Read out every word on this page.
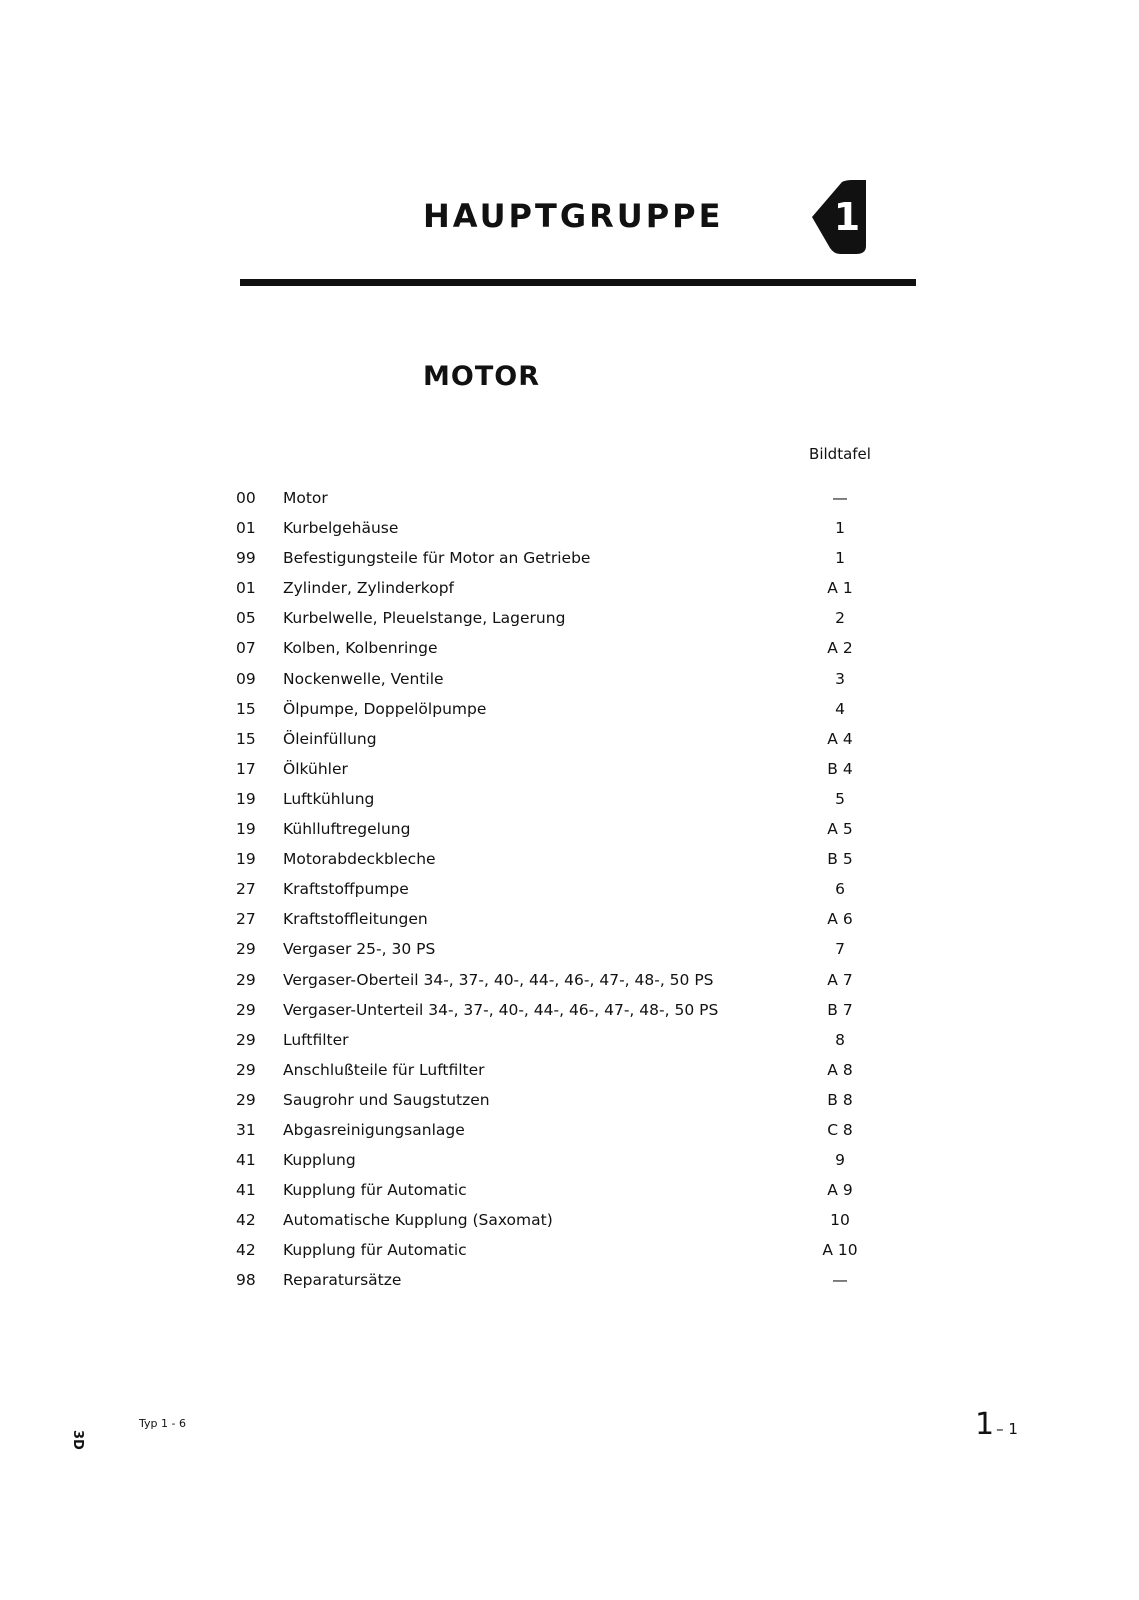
HAUPTGRUPPE	1
MOTOR
Bildtafel
00	Motor	—
01	Kurbelgehäuse	1
99	Befestigungsteile für Motor an Getriebe	1
01	Zylinder, Zylinderkopf	A 1
05	Kurbelwelle, Pleuelstange, Lagerung	2
07	Kolben, Kolbenringe	A 2
09	Nockenwelle, Ventile	3
15	Ölpumpe, Doppelölpumpe	4
15	Öleinfüllung	A 4
17	Ölkühler	B 4
19	Luftkühlung	5
19	Kühlluftregelung	A 5
19	Motorabdeckbleche	B 5
27	Kraftstoffpumpe	6
27	Kraftstoffleitungen	A 6
29	Vergaser 25-, 30 PS	7
29	Vergaser-Oberteil 34-, 37-, 40-, 44-, 46-, 47-, 48-, 50 PS	A 7
29	Vergaser-Unterteil 34-, 37-, 40-, 44-, 46-, 47-, 48-, 50 PS	B 7
29	Luftfilter	8
29	Anschlußteile für Luftfilter	A 8
29	Saugrohr und Saugstutzen	B 8
31	Abgasreinigungsanlage	C 8
41	Kupplung	9
41	Kupplung für Automatic	A 9
42	Automatische Kupplung (Saxomat)	10
42	Kupplung für Automatic	A 10
98	Reparatursätze	—
3D
Typ 1 - 6	1 – 1
